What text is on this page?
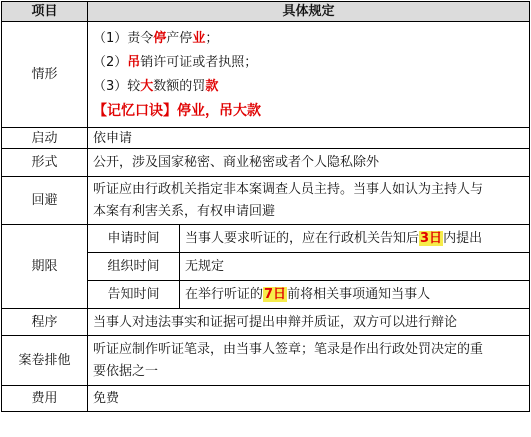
项目	具体规定	
情形	（1）责令停产停业；
（2）吊销许可证或者执照；
（3）较大数额的罚款
【记忆口诀】停业，吊大款	

启动	依申请	
形式	公开，涉及国家秘密、商业秘密或者个人隐私除外	
回避	听证应由行政机关指定非本案调查人员主持。当事人如认为主持人与
本案有利害关系，有权申请回避	

期限	申请时间	当事人要求听证的，应在行政机关告知后3日内提出
	组织时间	无规定
	告知时间	在举行听证的7日前将相关事项通知当事人
程序	当事人对违法事实和证据可提出申辩并质证，双方可以进行辩论	
案卷排他	听证应制作听证笔录，由当事人签章；笔录是作出行政处罚决定的重
要依据之一	

费用	免费	
